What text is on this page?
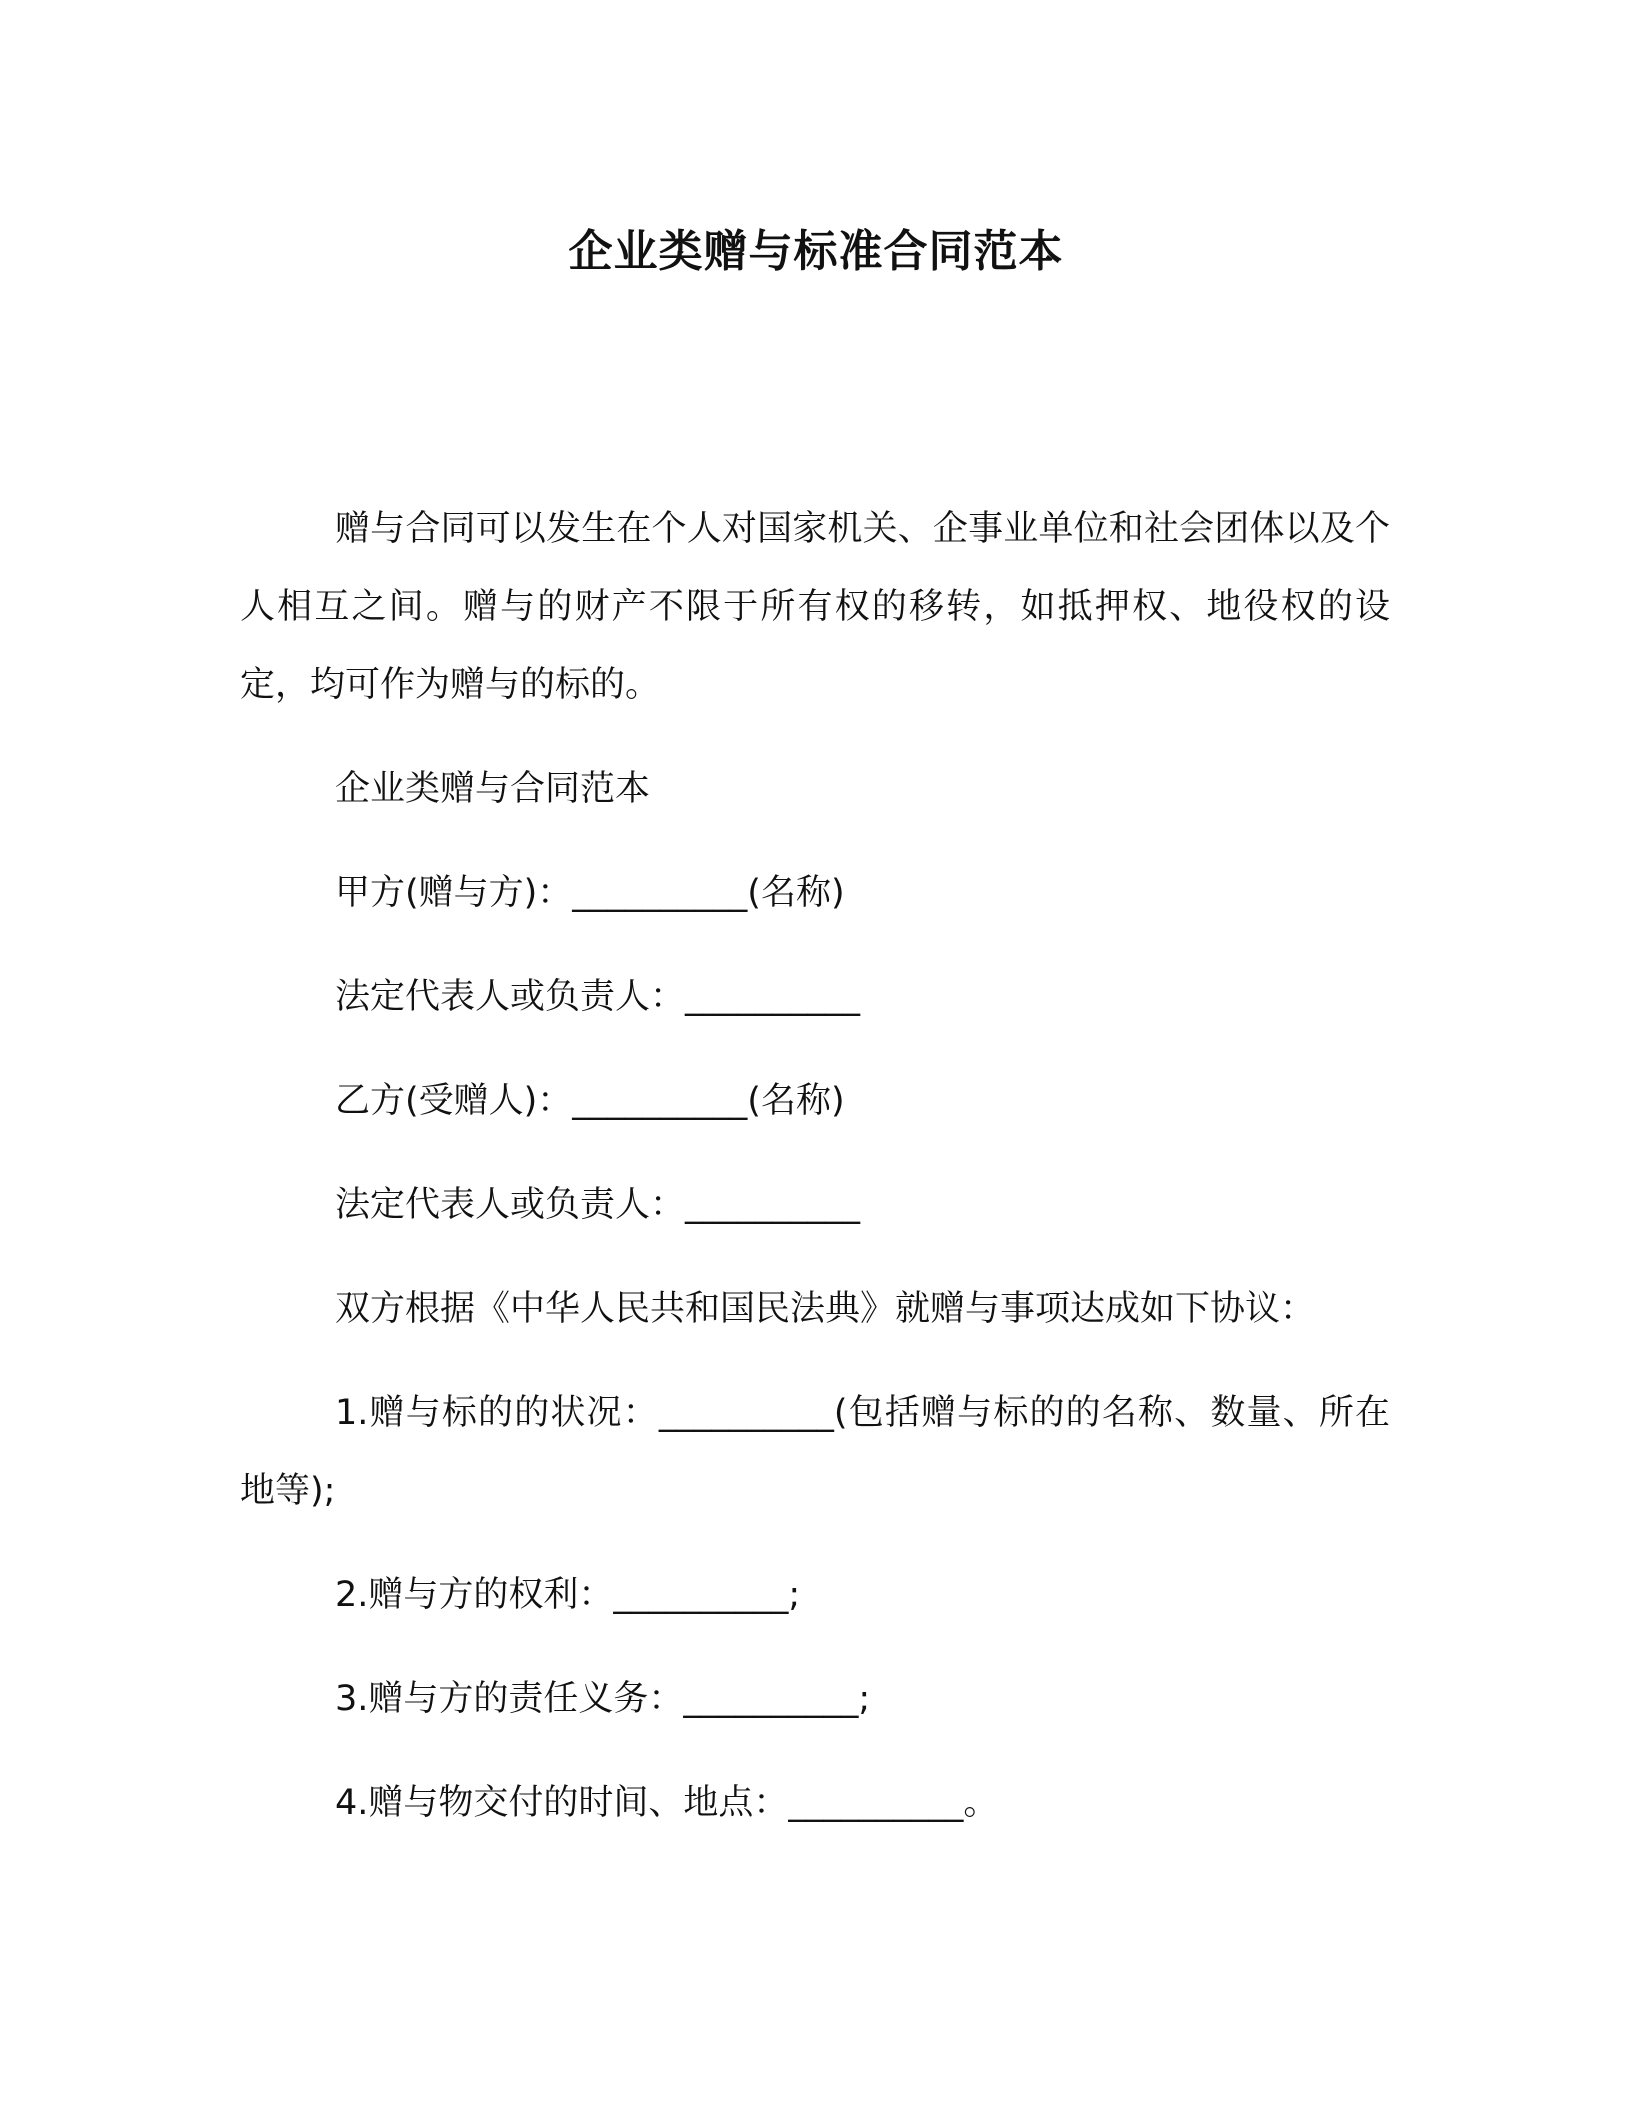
企业类赠与标准合同范本

赠与合同可以发生在个人对国家机关、企事业单位和社会团体以及个人相互之间。赠与的财产不限于所有权的移转，如抵押权、地役权的设定，均可作为赠与的标的。

企业类赠与合同范本

甲方(赠与方)：__________(名称)

法定代表人或负责人：__________

乙方(受赠人)：__________(名称)

法定代表人或负责人：__________

双方根据《中华人民共和国民法典》就赠与事项达成如下协议：

1.赠与标的的状况：__________(包括赠与标的的名称、数量、所在地等);

2.赠与方的权利：__________;

3.赠与方的责任义务：__________;

4.赠与物交付的时间、地点：__________。
